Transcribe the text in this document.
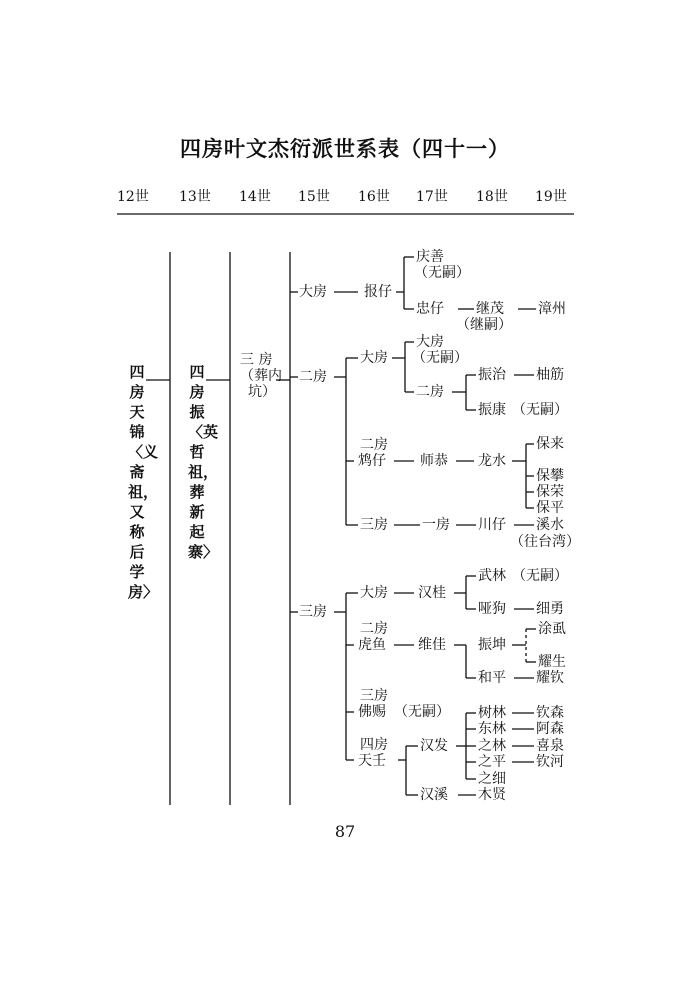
四房叶文杰衍派世系表（四十一）
12世 13世 14世 15世 16世 17世 18世 19世
四房天锦〈义斋祖，又称后学房〉
四房振〈英哲祖，葬新起寨〉
三 房
（葬内
坑）
大房	报仔
庆善
（无嗣）
忠仔 继茂
（继嗣）
漳州
二房
大房
大房
（无嗣）
二房
振治 柚筋
振康 （无嗣）
二房
鸩仔 师恭 龙水
保来
保攀
保荣
保平
三房 一房 川仔 溪水
（往台湾）
三房
大房 汉桂
武林 （无嗣）
哑狗 细勇
二房
虎鱼 维佳 振坤
涂虱
耀生
和平 耀钦
三房
佛赐 （无嗣）
四房
天壬
汉发
树林 钦森
东林 阿森
之林 喜泉
之平 钦河
之细
汉溪 木贤
87
